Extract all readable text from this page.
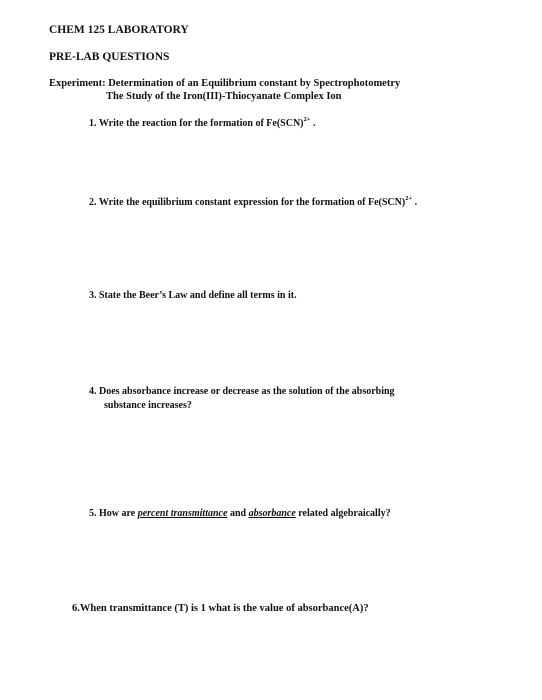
CHEM 125 LABORATORY

PRE-LAB QUESTIONS

Experiment: Determination of an Equilibrium constant by Spectrophotometry

The Study of the Iron(III)-Thiocyanate Complex Ion

1. Write the reaction for the formation of Fe(SCN)$^{2+}$ .

2. Write the equilibrium constant expression for the formation of Fe(SCN)$^{2+}$ .

3. State the Beer’s Law and define all terms in it.

4. Does absorbance increase or decrease as the solution of the absorbing

substance increases?

5. How are percent transmittance and absorbance related algebraically?

6.When transmittance (T) is 1 what is the value of absorbance(A)?
